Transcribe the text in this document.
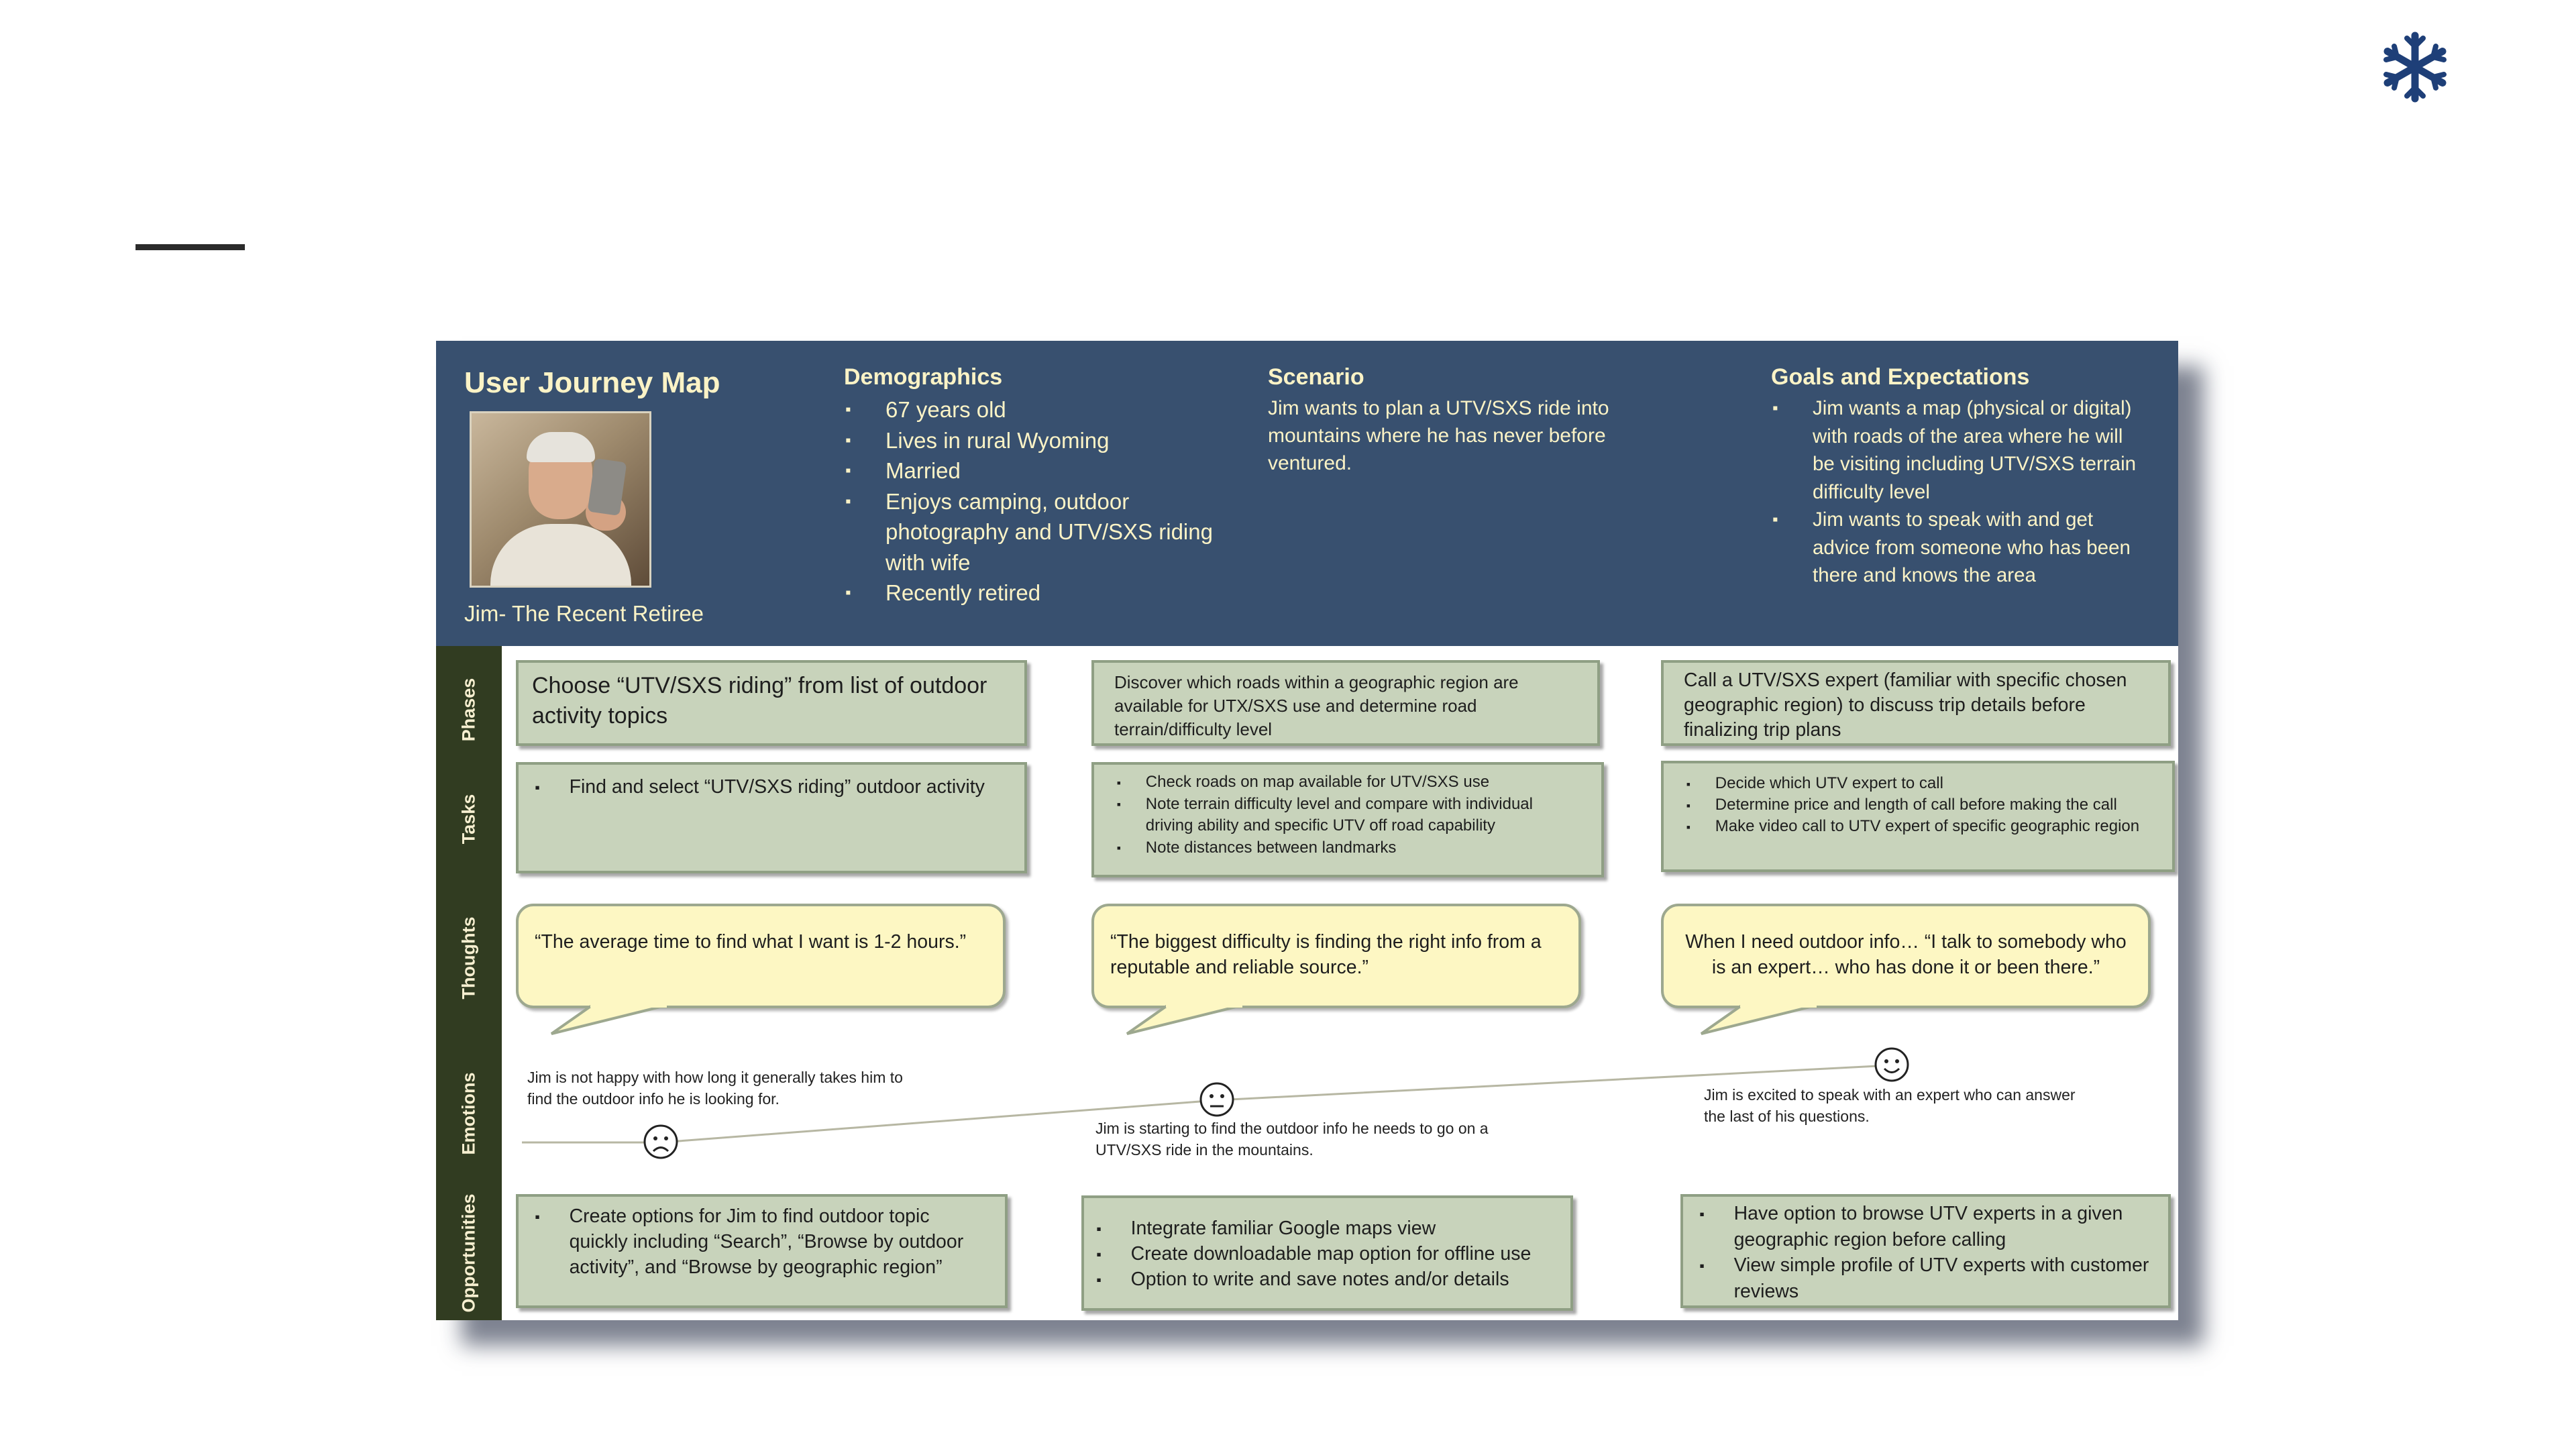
User Journey Map
Jim- The Recent Retiree
Demographics
▪ 67 years old
▪ Lives in rural Wyoming
▪ Married
▪ Enjoys camping, outdoor photography and UTV/SXS riding with wife
▪ Recently retired
Scenario
Jim wants to plan a UTV/SXS ride into mountains where he has never before ventured.
Goals and Expectations
▪ Jim wants a map (physical or digital) with roads of the area where he will be visiting including UTV/SXS terrain difficulty level
▪ Jim wants to speak with and get advice from someone who has been there and knows the area
Phases
Tasks
Thoughts
Emotions
Opportunities

Choose “UTV/SXS riding” from list of outdoor activity topics

Discover which roads within a geographic region are available for UTX/SXS use and determine road terrain/difficulty level

Call a UTV/SXS expert (familiar with specific chosen geographic region) to discuss trip details before finalizing trip plans

▪ Find and select “UTV/SXS riding” outdoor activity
▪	Check roads on map available for UTV/SXS use
▪ Note terrain difficulty level and compare with individual driving ability and specific UTV off road capability
▪ Note distances between landmarks
▪ Decide which UTV expert to call
▪ Determine price and length of call before making the call
▪ Make video call to UTV expert of specific geographic region
“The average time to find what I want is 1-2 hours.”	“The biggest difficulty is finding the right info from a reputable and reliable source.”
When I need outdoor info… “I talk to somebody who is an expert… who has done it or been there.”
Jim is not happy with how long it generally takes him to find the outdoor info he is looking for.
Jim is starting to find the outdoor info he needs to go on a UTV/SXS ride in the mountains.
Jim is excited to speak with an expert who can answer the last of his questions.
▪ Create options for Jim to find outdoor topic quickly including “Search”, “Browse by outdoor activity”, and “Browse by geographic region”
▪ Integrate familiar Google maps view
▪ Create downloadable map option for offline use
▪ Option to write and save notes and/or details
▪ Have option to browse UTV experts in a given geographic region before calling
▪ View simple profile of UTV experts with customer reviews
